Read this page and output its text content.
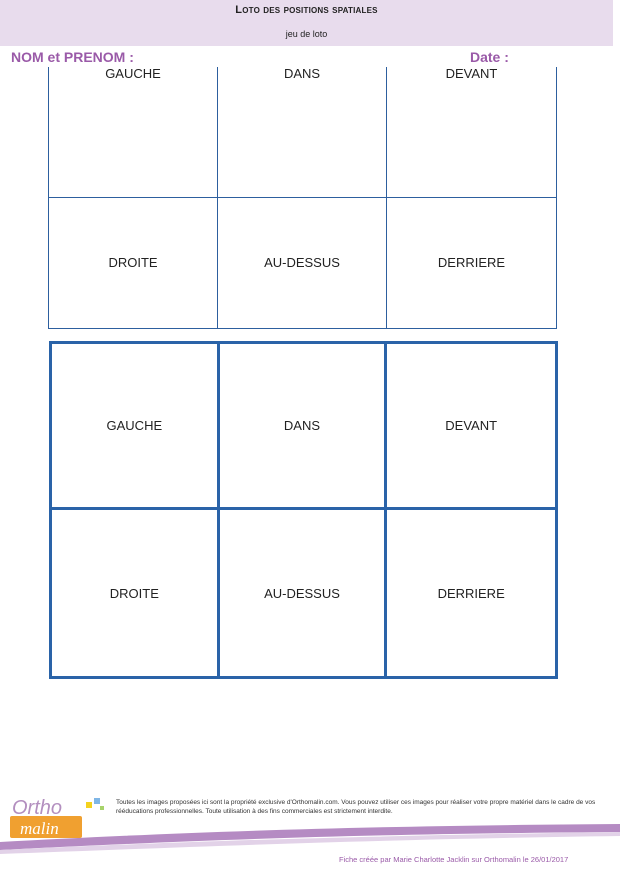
Loto des positions spatiales
jeu de loto
NOM et PRENOM :	Date :
GAUCHE	DANS	DEVANT
DROITE	AU-DESSUS	DERRIERE
GAUCHE	DANS	DEVANT
DROITE	AU-DESSUS	DERRIERE
Ortho
malin
Toutes les images proposées ici sont la propriété exclusive d'Orthomalin.com. Vous pouvez utiliser ces images pour réaliser votre propre matériel dans le cadre de vos rééducations professionnelles. Toute utilisation à des fins commerciales est strictement interdite.
Fiche créée par Marie Charlotte Jacklin sur Orthomalin le 26/01/2017
